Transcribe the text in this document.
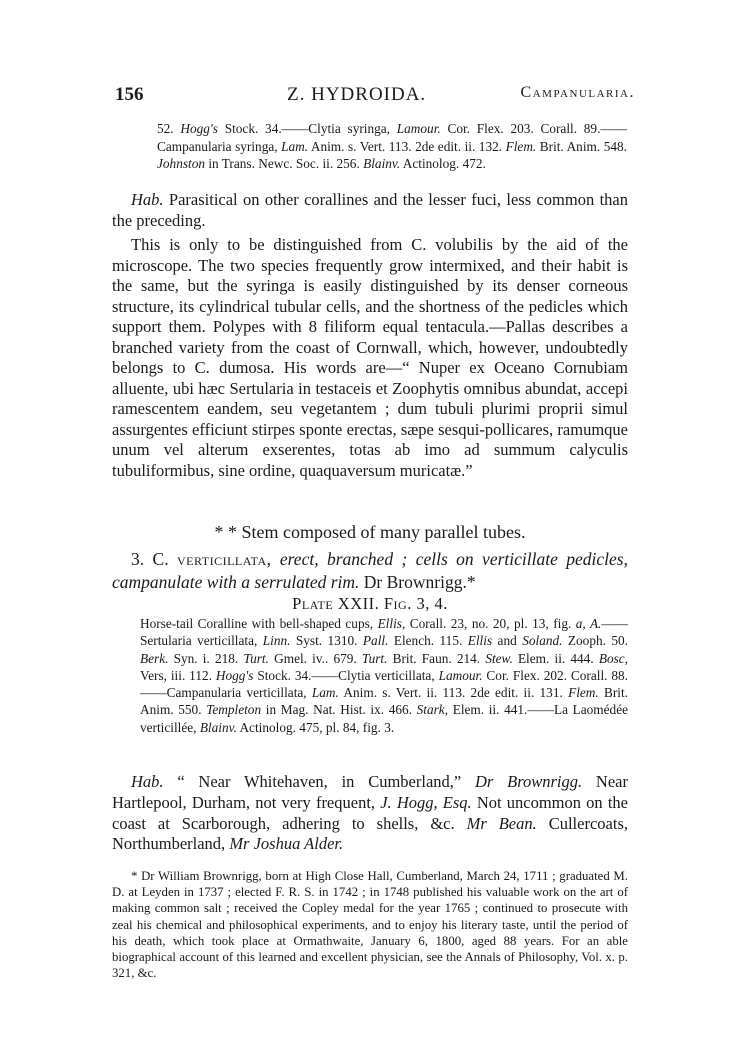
156	Z. HYDROIDA.	Campanularia.

52. Hogg's Stock. 34.——Clytia syringa, Lamour. Cor. Flex. 203. Corall. 89.——Campanularia syringa, Lam. Anim. s. Vert. 113. 2de edit. ii. 132. Flem. Brit. Anim. 548. Johnston in Trans. Newc. Soc. ii. 256. Blainv. Actinolog. 472.

Hab. Parasitical on other corallines and the lesser fuci, less common than the preceding.

This is only to be distinguished from C. volubilis by the aid of the microscope. The two species frequently grow intermixed, and their habit is the same, but the syringa is easily distinguished by its denser corneous structure, its cylindrical tubular cells, and the shortness of the pedicles which support them. Polypes with 8 filiform equal tentacula.—Pallas describes a branched variety from the coast of Cornwall, which, however, undoubtedly belongs to C. dumosa. His words are—“ Nuper ex Oceano Cornubiam alluente, ubi hæc Sertularia in testaceis et Zoophytis omnibus abundat, accepi ramescentem eandem, seu vegetantem ; dum tubuli plurimi proprii simul assurgentes efficiunt stirpes sponte erectas, sæpe sesqui-pollicares, ramumque unum vel alterum exserentes, totas ab imo ad summum calyculis tubuliformibus, sine ordine, quaquaversum muricatæ.”

* * Stem composed of many parallel tubes.

3. C. verticillata, erect, branched ; cells on verticillate pedicles, campanulate with a serrulated rim. Dr Brownrigg.*

Plate XXII. Fig. 3, 4.

Horse-tail Coralline with bell-shaped cups, Ellis, Corall. 23, no. 20, pl. 13, fig. a, A.—— Sertularia verticillata, Linn. Syst. 1310. Pall. Elench. 115. Ellis and Soland. Zooph. 50. Berk. Syn. i. 218. Turt. Gmel. iv.. 679. Turt. Brit. Faun. 214. Stew. Elem. ii. 444. Bosc, Vers, iii. 112. Hogg's Stock. 34.——Clytia verticillata, Lamour. Cor. Flex. 202. Corall. 88.——Campanularia verticillata, Lam. Anim. s. Vert. ii. 113. 2de edit. ii. 131. Flem. Brit. Anim. 550. Templeton in Mag. Nat. Hist. ix. 466. Stark, Elem. ii. 441.——La Laomédée verticillée, Blainv. Actinolog. 475, pl. 84, fig. 3.

Hab. “ Near Whitehaven, in Cumberland,” Dr Brownrigg. Near Hartlepool, Durham, not very frequent, J. Hogg, Esq. Not uncommon on the coast at Scarborough, adhering to shells, &c. Mr Bean. Cullercoats, Northumberland, Mr Joshua Alder.

* Dr William Brownrigg, born at High Close Hall, Cumberland, March 24, 1711 ; graduated M. D. at Leyden in 1737 ; elected F. R. S. in 1742 ; in 1748 published his valuable work on the art of making common salt ; received the Copley medal for the year 1765 ; continued to prosecute with zeal his chemical and philosophical experiments, and to enjoy his literary taste, until the period of his death, which took place at Ormathwaite, January 6, 1800, aged 88 years. For an able biographical account of this learned and excellent physician, see the Annals of Philosophy, Vol. x. p. 321, &c.
